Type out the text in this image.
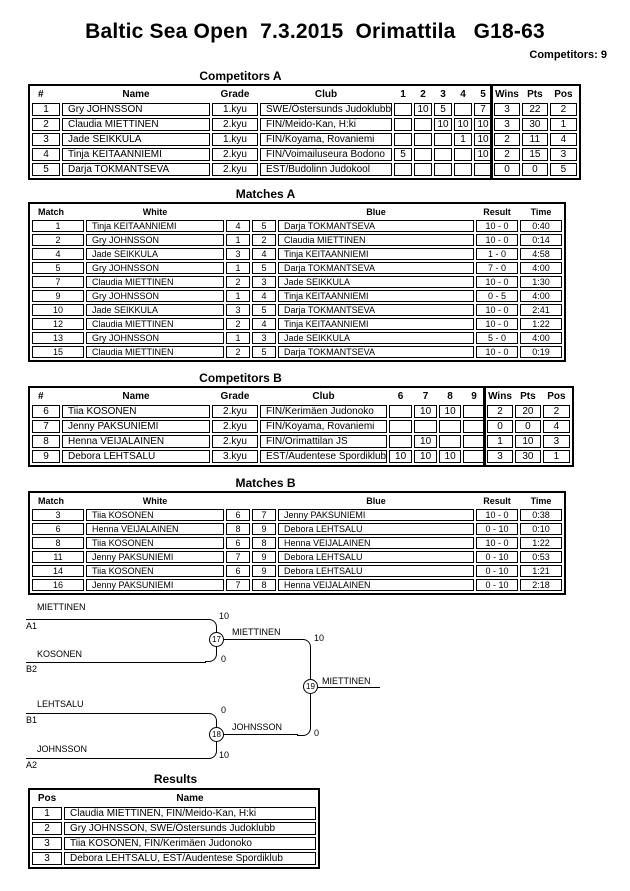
Baltic Sea Open  7.3.2015  Orimattila   G18-63
Competitors: 9
Competitors A
#	Name	Grade	Club	1	2	3	4	5	Wins	Pts	Pos
1	Gry JOHNSSON	1.kyu	SWE/Östersunds Judoklubb		10	5		7	3	22	2
2	Claudia MIETTINEN	2.kyu	FIN/Meido-Kan, H:ki			10	10	10	3	30	1
3	Jade SEIKKULA	1.kyu	FIN/Koyama, Rovaniemi				1	10	2	11	4
4	Tinja KEITAANNIEMI	2.kyu	FIN/Voimailuseura Bodono	5				10	2	15	3
5	Darja TOKMANTSEVA	2.kyu	EST/Budolinn Judokool						0	0	5
Matches A
Match	White			Blue	Result	Time
1	Tinja KEITAANNIEMI	4	5	Darja TOKMANTSEVA	10 - 0	0:40
2	Gry JOHNSSON	1	2	Claudia MIETTINEN	10 - 0	0:14
4	Jade SEIKKULA	3	4	Tinja KEITAANNIEMI	1 - 0	4:58
5	Gry JOHNSSON	1	5	Darja TOKMANTSEVA	7 - 0	4:00
7	Claudia MIETTINEN	2	3	Jade SEIKKULA	10 - 0	1:30
9	Gry JOHNSSON	1	4	Tinja KEITAANNIEMI	0 - 5	4:00
10	Jade SEIKKULA	3	5	Darja TOKMANTSEVA	10 - 0	2:41
12	Claudia MIETTINEN	2	4	Tinja KEITAANNIEMI	10 - 0	1:22
13	Gry JOHNSSON	1	3	Jade SEIKKULA	5 - 0	4:00
15	Claudia MIETTINEN	2	5	Darja TOKMANTSEVA	10 - 0	0:19
Competitors B
#	Name	Grade	Club	6	7	8	9	Wins	Pts	Pos
6	Tiia KOSONEN	2.kyu	FIN/Kerimäen Judonoko		10	10		2	20	2
7	Jenny PAKSUNIEMI	2.kyu	FIN/Koyama, Rovaniemi					0	0	4
8	Henna VEIJALAINEN	2.kyu	FIN/Orimattilan JS		10			1	10	3
9	Debora LEHTSALU	3.kyu	EST/Audentese Spordiklub	10	10	10		3	30	1
Matches B
Match	White			Blue	Result	Time
3	Tiia KOSONEN	6	7	Jenny PAKSUNIEMI	10 - 0	0:38
6	Henna VEIJALAINEN	8	9	Debora LEHTSALU	0 - 10	0:10
8	Tiia KOSONEN	6	8	Henna VEIJALAINEN	10 - 0	1:22
11	Jenny PAKSUNIEMI	7	9	Debora LEHTSALU	0 - 10	0:53
14	Tiia KOSONEN	6	9	Debora LEHTSALU	0 - 10	1:21
16	Jenny PAKSUNIEMI	7	8	Henna VEIJALAINEN	0 - 10	2:18
MIETTINEN
A1
10
KOSONEN
B2
0
17
MIETTINEN
10
19
MIETTINEN
0
LEHTSALU
B1
0
JOHNSSON
A2
10
18
JOHNSSON
Results
Pos	Name
1	Claudia MIETTINEN, FIN/Meido-Kan, H:ki
2	Gry JOHNSSON, SWE/Östersunds Judoklubb
3	Tiia KOSONEN, FIN/Kerimäen Judonoko
3	Debora LEHTSALU, EST/Audentese Spordiklub
